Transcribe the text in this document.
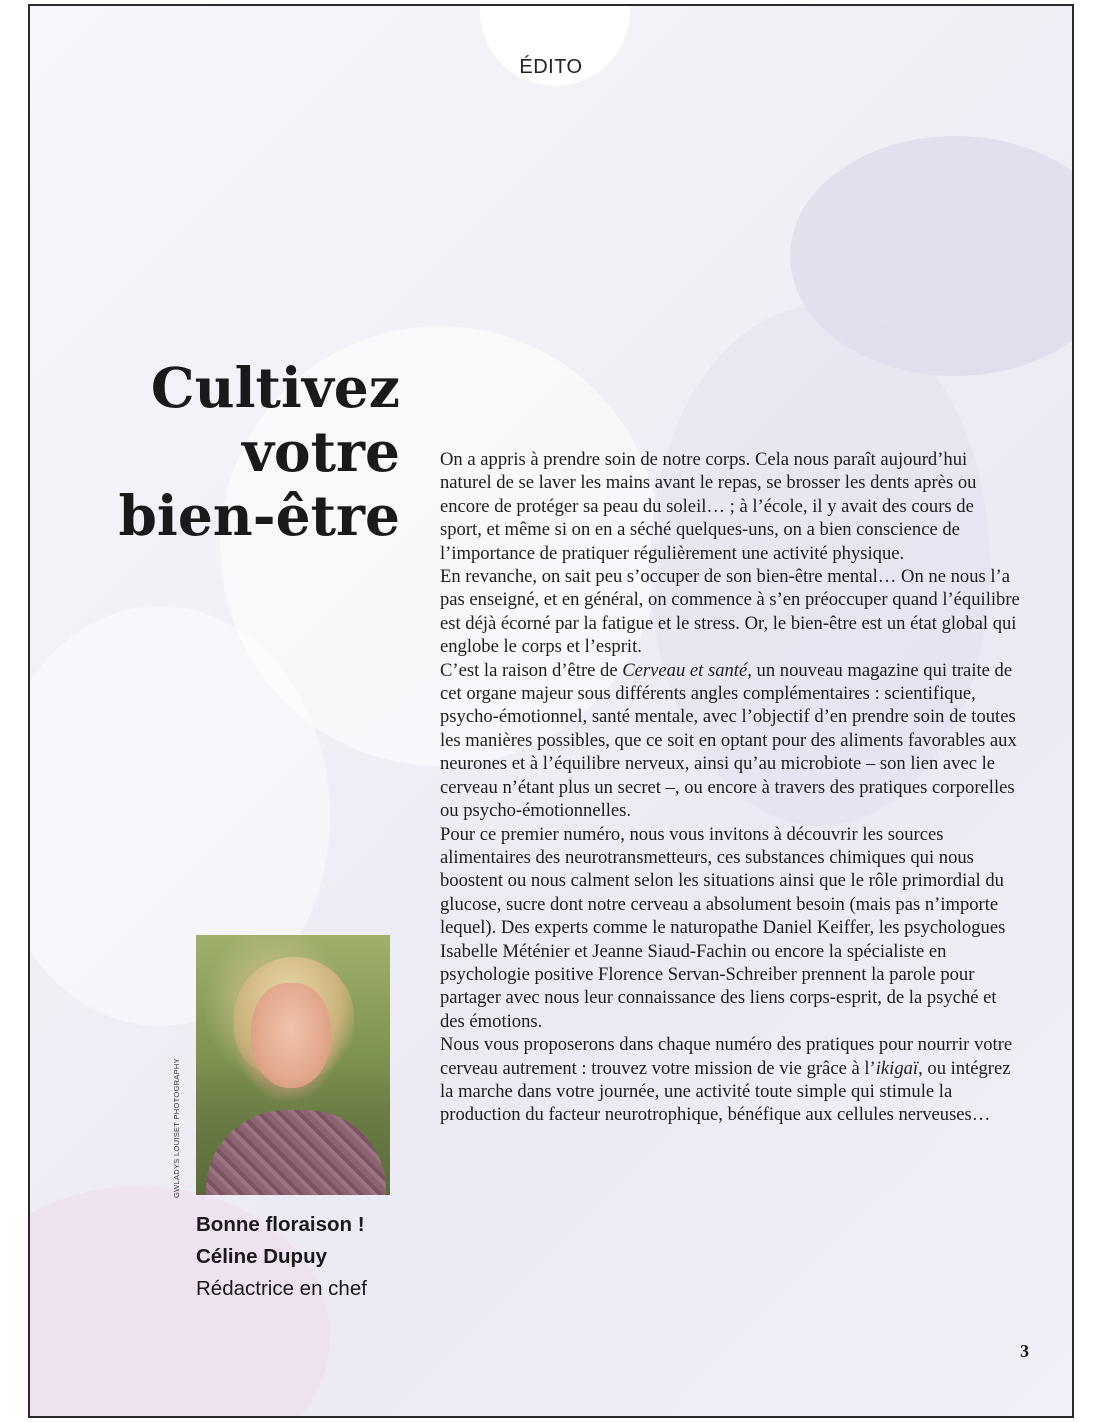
ÉDITO
Cultivez
votre
bien-être

On a appris à prendre soin de notre corps. Cela nous paraît aujourd’hui naturel de se laver les mains avant le repas, se brosser les dents après ou encore de protéger sa peau du soleil… ; à l’école, il y avait des cours de sport, et même si on en a séché quelques-uns, on a bien conscience de l’importance de pratiquer régulièrement une activité physique.

En revanche, on sait peu s’occuper de son bien-être mental… On ne nous l’a pas enseigné, et en général, on commence à s’en préoccuper quand l’équilibre est déjà écorné par la fatigue et le stress. Or, le bien-être est un état global qui englobe le corps et l’esprit.

C’est la raison d’être de Cerveau et santé, un nouveau magazine qui traite de cet organe majeur sous différents angles complémentaires : scientifique, psycho-émotionnel, santé mentale, avec l’objectif d’en prendre soin de toutes les manières possibles, que ce soit en optant pour des aliments favorables aux neurones et à l’équilibre nerveux, ainsi qu’au microbiote – son lien avec le cerveau n’étant plus un secret –, ou encore à travers des pratiques corporelles ou psycho-émotionnelles.

Pour ce premier numéro, nous vous invitons à découvrir les sources alimentaires des neurotransmetteurs, ces substances chimiques qui nous boostent ou nous calment selon les situations ainsi que le rôle primordial du glucose, sucre dont notre cerveau a absolument besoin (mais pas n’importe lequel). Des experts comme le naturopathe Daniel Keiffer, les psychologues Isabelle Méténier et Jeanne Siaud-Fachin ou encore la spécialiste en psychologie positive Florence Servan-Schreiber prennent la parole pour partager avec nous leur connaissance des liens corps-esprit, de la psyché et des émotions.

Nous vous proposerons dans chaque numéro des pratiques pour nourrir votre cerveau autrement : trouvez votre mission de vie grâce à l’ikigaï, ou intégrez la marche dans votre journée, une activité toute simple qui stimule la production du facteur neurotrophique, bénéfique aux cellules nerveuses…

GWLADYS LOUISET PHOTOGRAPHY
Bonne floraison !
Céline Dupuy
Rédactrice en chef
3
